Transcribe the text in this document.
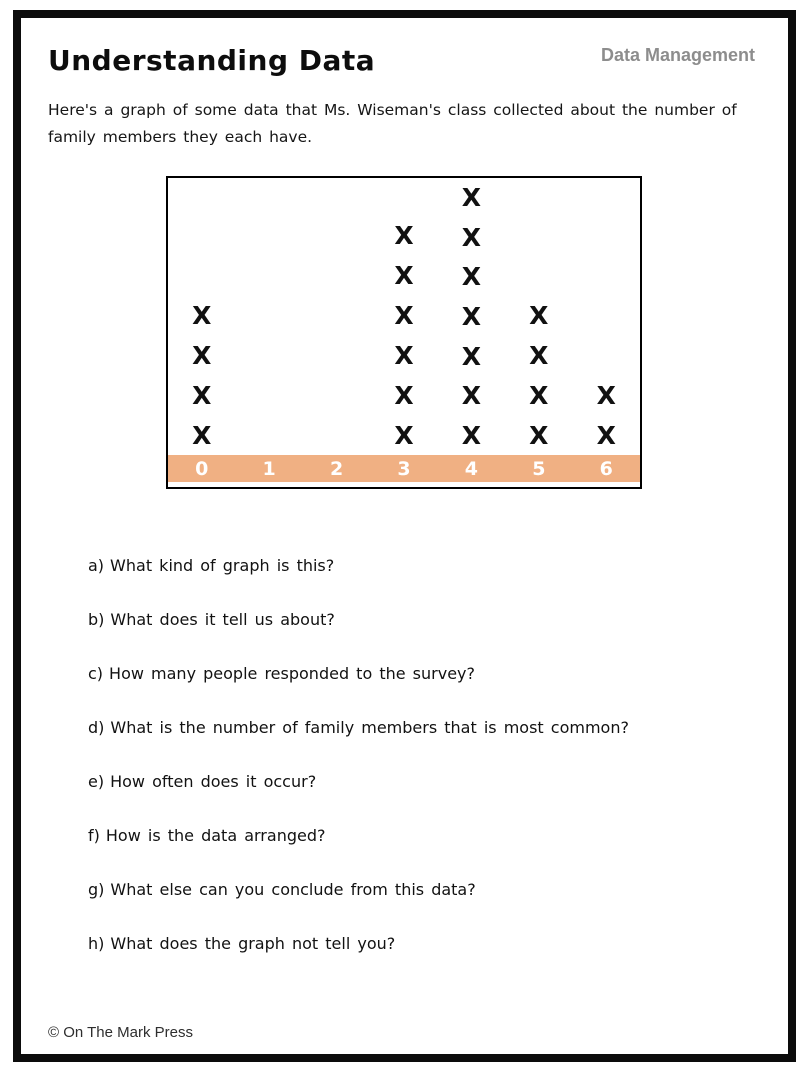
Understanding Data	Data Management

Here's a graph of some data that Ms. Wiseman's class collected about the number of family members they each have.

X
X
X
X
X
X
X
X
X
X
X
X
X
X
X
X
X
X
X
X
X
X
X
0	1	2	3	4	5	6
a) What kind of graph is this?
b) What does it tell us about?
c) How many people responded to the survey?
d) What is the number of family members that is most common?
e) How often does it occur?
f) How is the data arranged?
g) What else can you conclude from this data?
h) What does the graph not tell you?
© On The Mark Press
